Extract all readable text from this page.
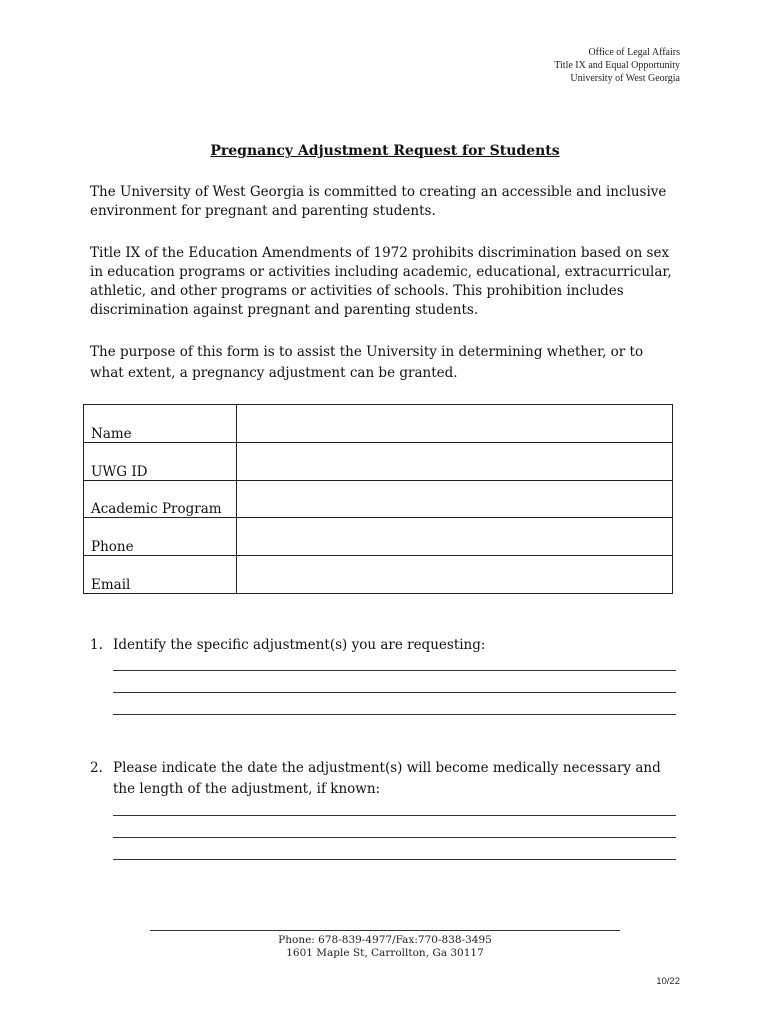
Office of Legal Affairs
Title IX and Equal Opportunity
University of West Georgia
Pregnancy Adjustment Request for Students
The University of West Georgia is committed to creating an accessible and inclusive environment for pregnant and parenting students.
Title IX of the Education Amendments of 1972 prohibits discrimination based on sex in education programs or activities including academic, educational, extracurricular, athletic, and other programs or activities of schools. This prohibition includes discrimination against pregnant and parenting students.
The purpose of this form is to assist the University in determining whether, or to what extent, a pregnancy adjustment can be granted.
Name	
UWG ID	
Academic Program	
Phone	
Email	
1. Identify the specific adjustment(s) you are requesting:
2. Please indicate the date the adjustment(s) will become medically necessary and the length of the adjustment, if known:
Phone: 678-839-4977/Fax:770-838-3495
1601 Maple St, Carrollton, Ga 30117
10/22
